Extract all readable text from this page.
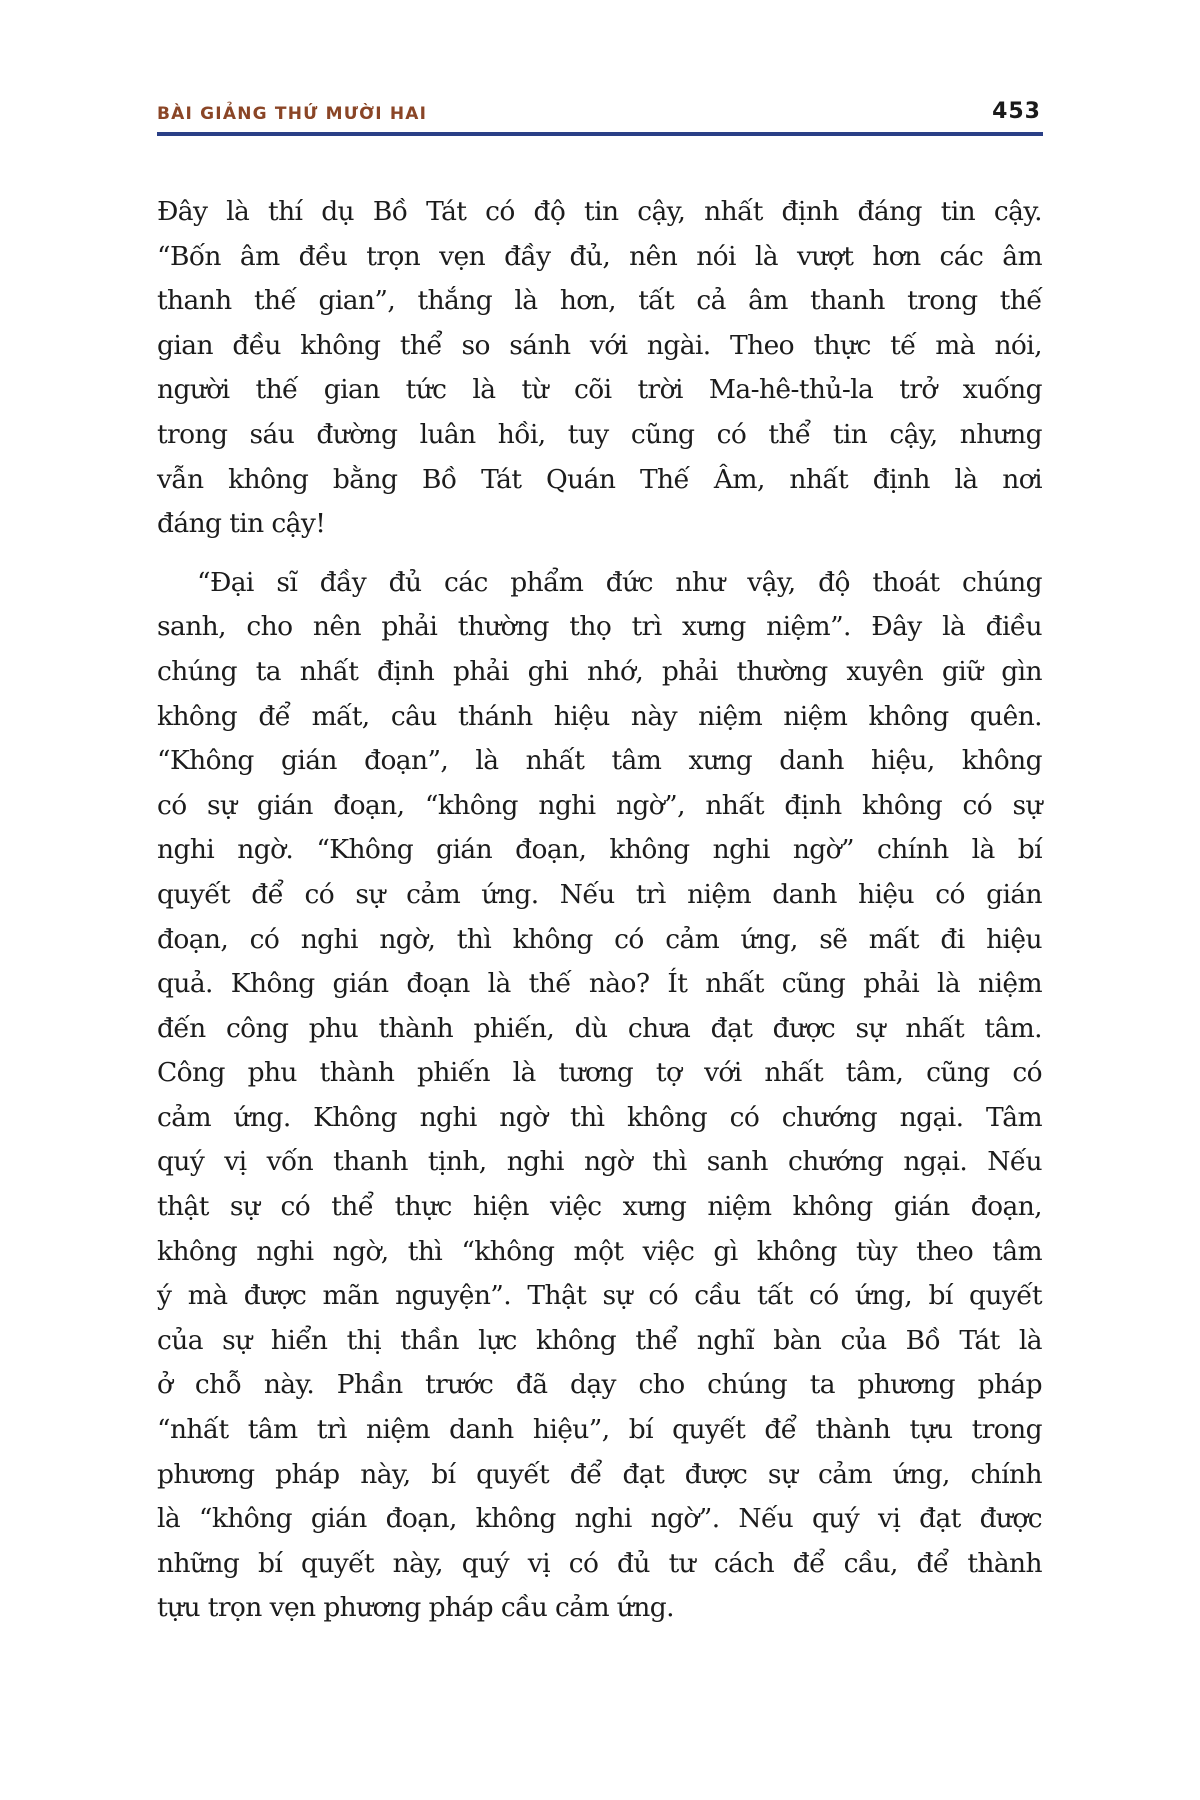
BÀI GIẢNG THỨ MƯỜI HAI	453
Đây là thí dụ Bồ Tát có độ tin cậy, nhất định đáng tin cậy.
“Bốn âm đều trọn vẹn đầy đủ, nên nói là vượt hơn các âm
thanh thế gian”, thắng là hơn, tất cả âm thanh trong thế
gian đều không thể so sánh với ngài. Theo thực tế mà nói,
người thế gian tức là từ cõi trời Ma-hê-thủ-la trở xuống
trong sáu đường luân hồi, tuy cũng có thể tin cậy, nhưng
vẫn không bằng Bồ Tát Quán Thế Âm, nhất định là nơi
đáng tin cậy!
“Đại sĩ đầy đủ các phẩm đức như vậy, độ thoát chúng
sanh, cho nên phải thường thọ trì xưng niệm”. Đây là điều
chúng ta nhất định phải ghi nhớ, phải thường xuyên giữ gìn
không để mất, câu thánh hiệu này niệm niệm không quên.
“Không gián đoạn”, là nhất tâm xưng danh hiệu, không
có sự gián đoạn, “không nghi ngờ”, nhất định không có sự
nghi ngờ. “Không gián đoạn, không nghi ngờ” chính là bí
quyết để có sự cảm ứng. Nếu trì niệm danh hiệu có gián
đoạn, có nghi ngờ, thì không có cảm ứng, sẽ mất đi hiệu
quả. Không gián đoạn là thế nào? Ít nhất cũng phải là niệm
đến công phu thành phiến, dù chưa đạt được sự nhất tâm.
Công phu thành phiến là tương tợ với nhất tâm, cũng có
cảm ứng. Không nghi ngờ thì không có chướng ngại. Tâm
quý vị vốn thanh tịnh, nghi ngờ thì sanh chướng ngại. Nếu
thật sự có thể thực hiện việc xưng niệm không gián đoạn,
không nghi ngờ, thì “không một việc gì không tùy theo tâm
ý mà được mãn nguyện”. Thật sự có cầu tất có ứng, bí quyết
của sự hiển thị thần lực không thể nghĩ bàn của Bồ Tát là
ở chỗ này. Phần trước đã dạy cho chúng ta phương pháp
“nhất tâm trì niệm danh hiệu”, bí quyết để thành tựu trong
phương pháp này, bí quyết để đạt được sự cảm ứng, chính
là “không gián đoạn, không nghi ngờ”. Nếu quý vị đạt được
những bí quyết này, quý vị có đủ tư cách để cầu, để thành
tựu trọn vẹn phương pháp cầu cảm ứng.
